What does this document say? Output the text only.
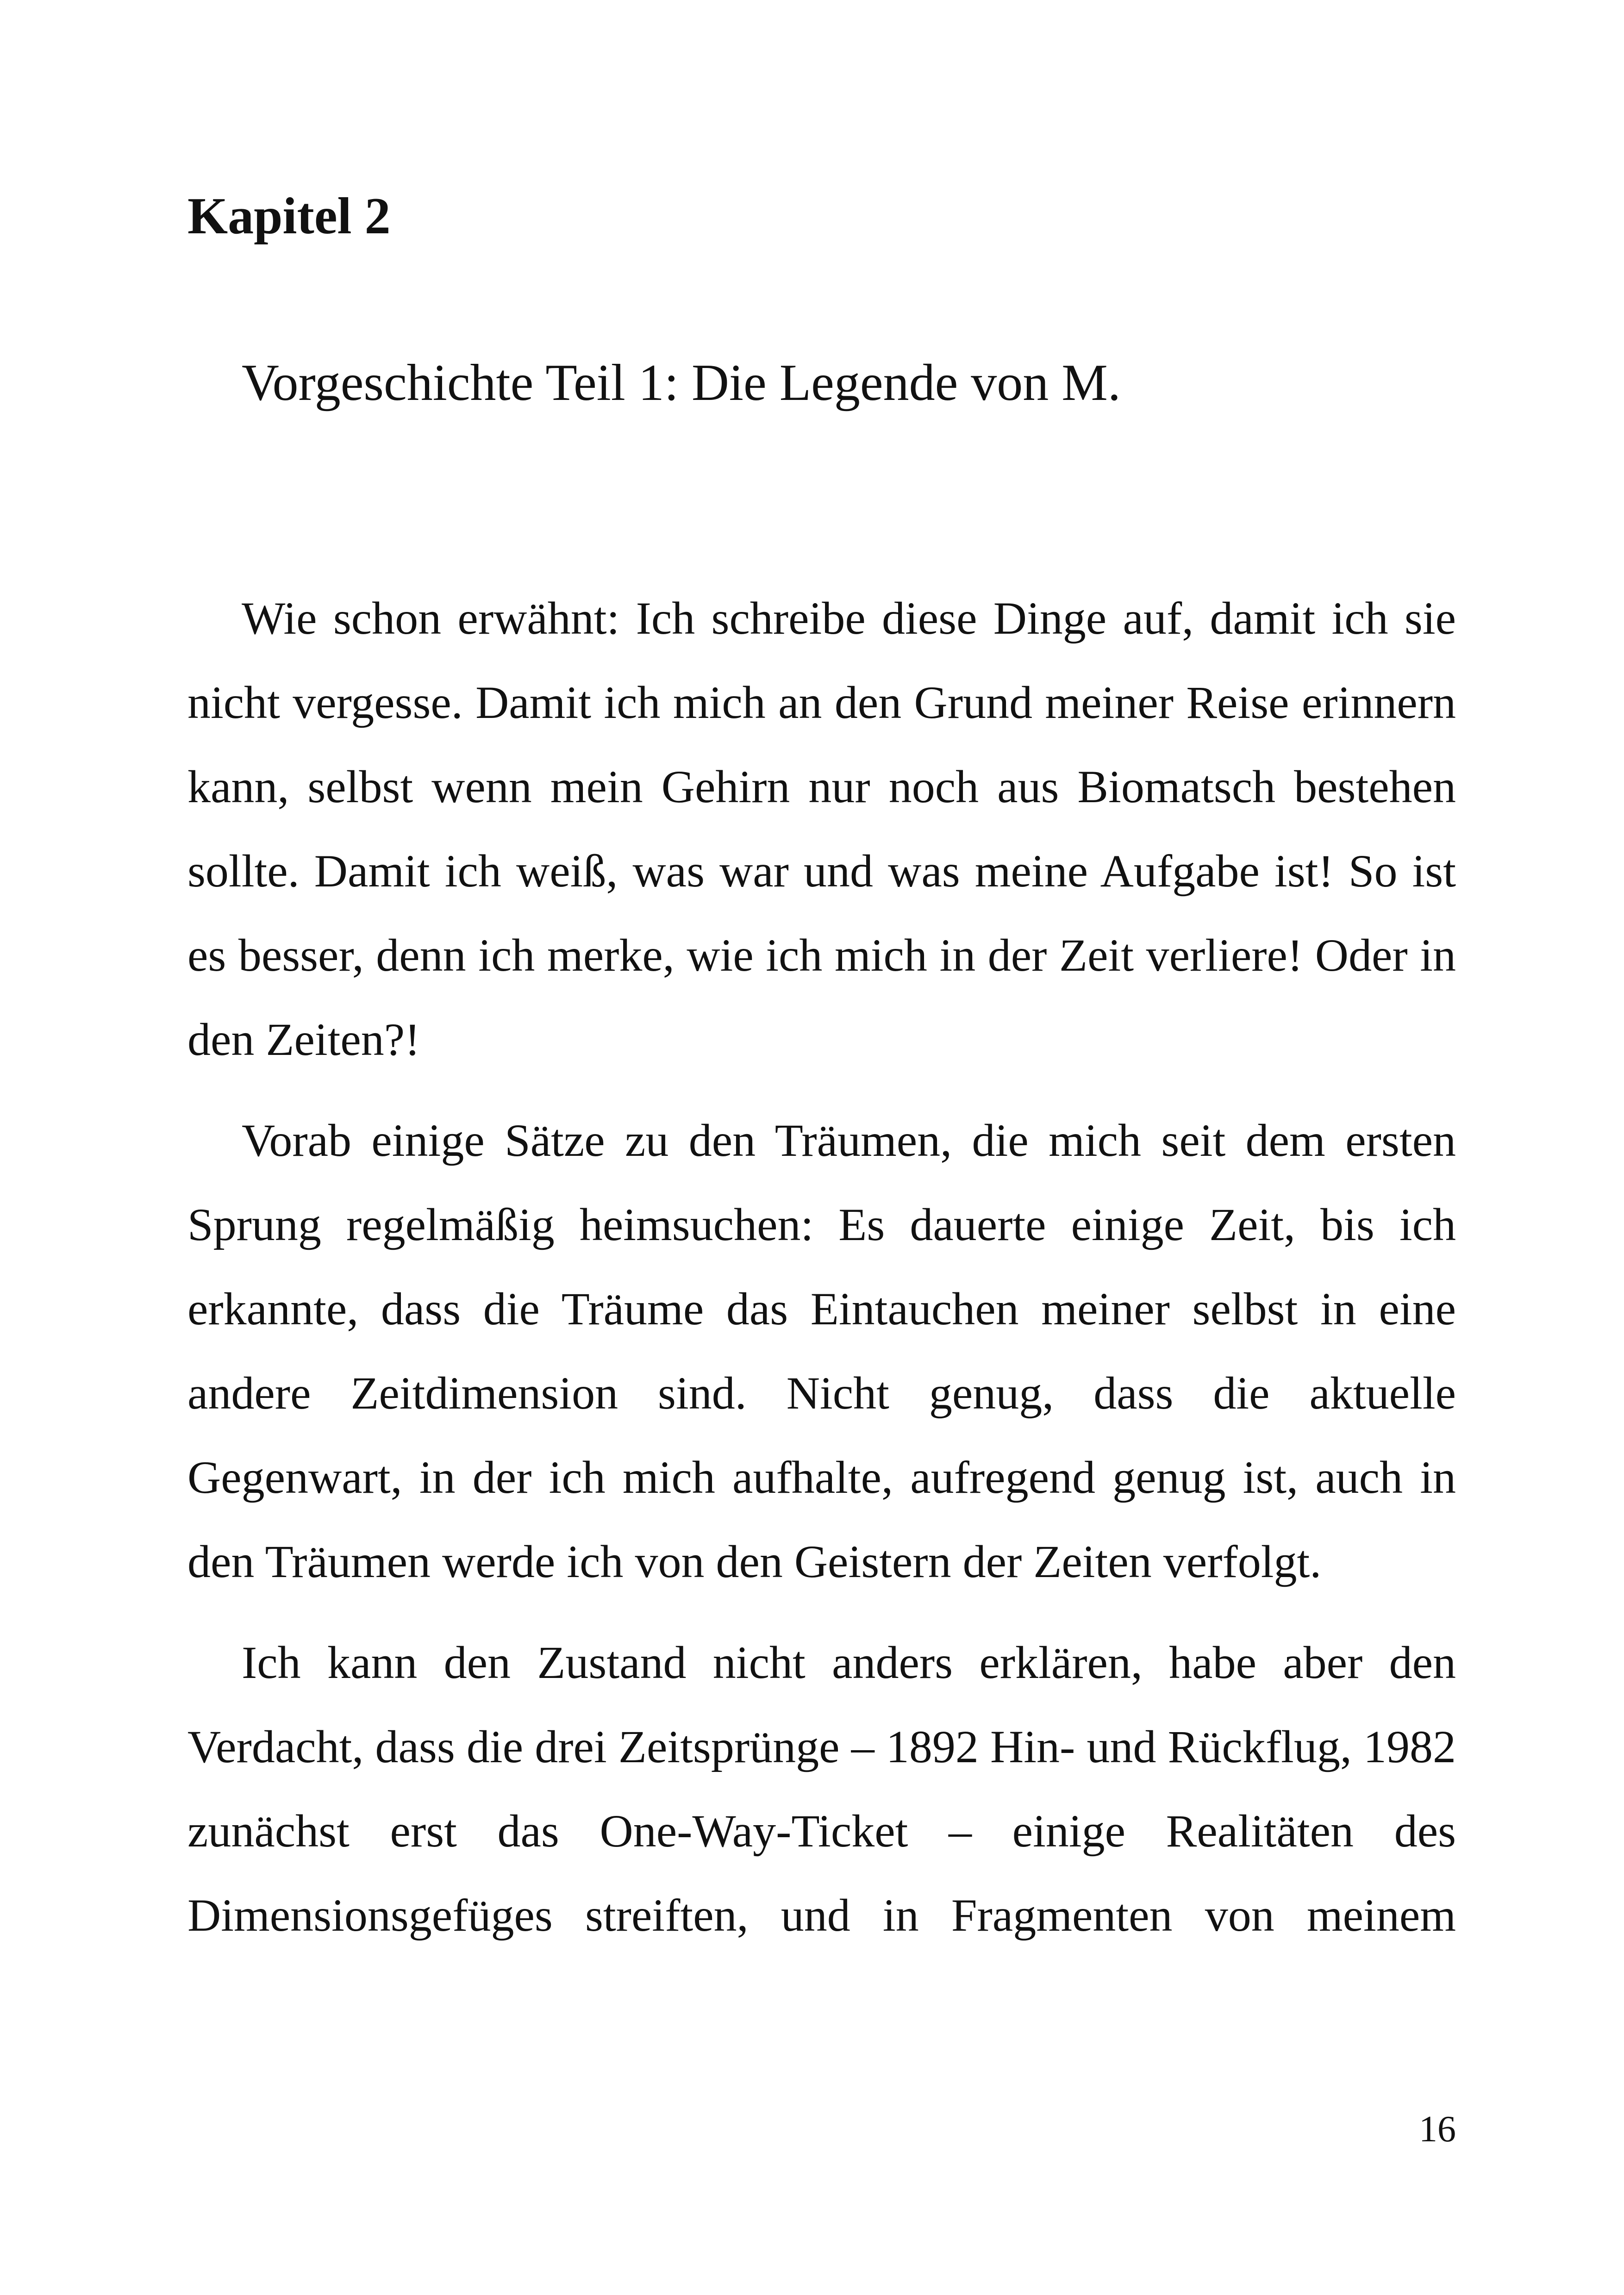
Kapitel 2
Vorgeschichte Teil 1: Die Legende von M.

Wie schon erwähnt: Ich schreibe diese Dinge auf, damit ich sie nicht vergesse. Damit ich mich an den Grund meiner Reise erinnern kann, selbst wenn mein Gehirn nur noch aus Biomatsch bestehen sollte. Damit ich weiß, was war und was meine Aufgabe ist! So ist es besser, denn ich merke, wie ich mich in der Zeit verliere! Oder in den Zeiten?!

Vorab einige Sätze zu den Träumen, die mich seit dem ersten Sprung regelmäßig heimsuchen: Es dauerte einige Zeit, bis ich erkannte, dass die Träume das Eintauchen meiner selbst in eine andere Zeitdimension sind. Nicht genug, dass die aktuelle Gegenwart, in der ich mich aufhalte, aufregend genug ist, auch in den Träumen werde ich von den Geistern der Zeiten verfolgt.

Ich kann den Zustand nicht anders erklären, habe aber den Verdacht, dass die drei Zeitsprünge – 1892 Hin- und Rückflug, 1982 zunächst erst das One-Way-Ticket – einige Realitäten des Dimensionsgefüges streiften, und in Fragmenten von meinem

16
